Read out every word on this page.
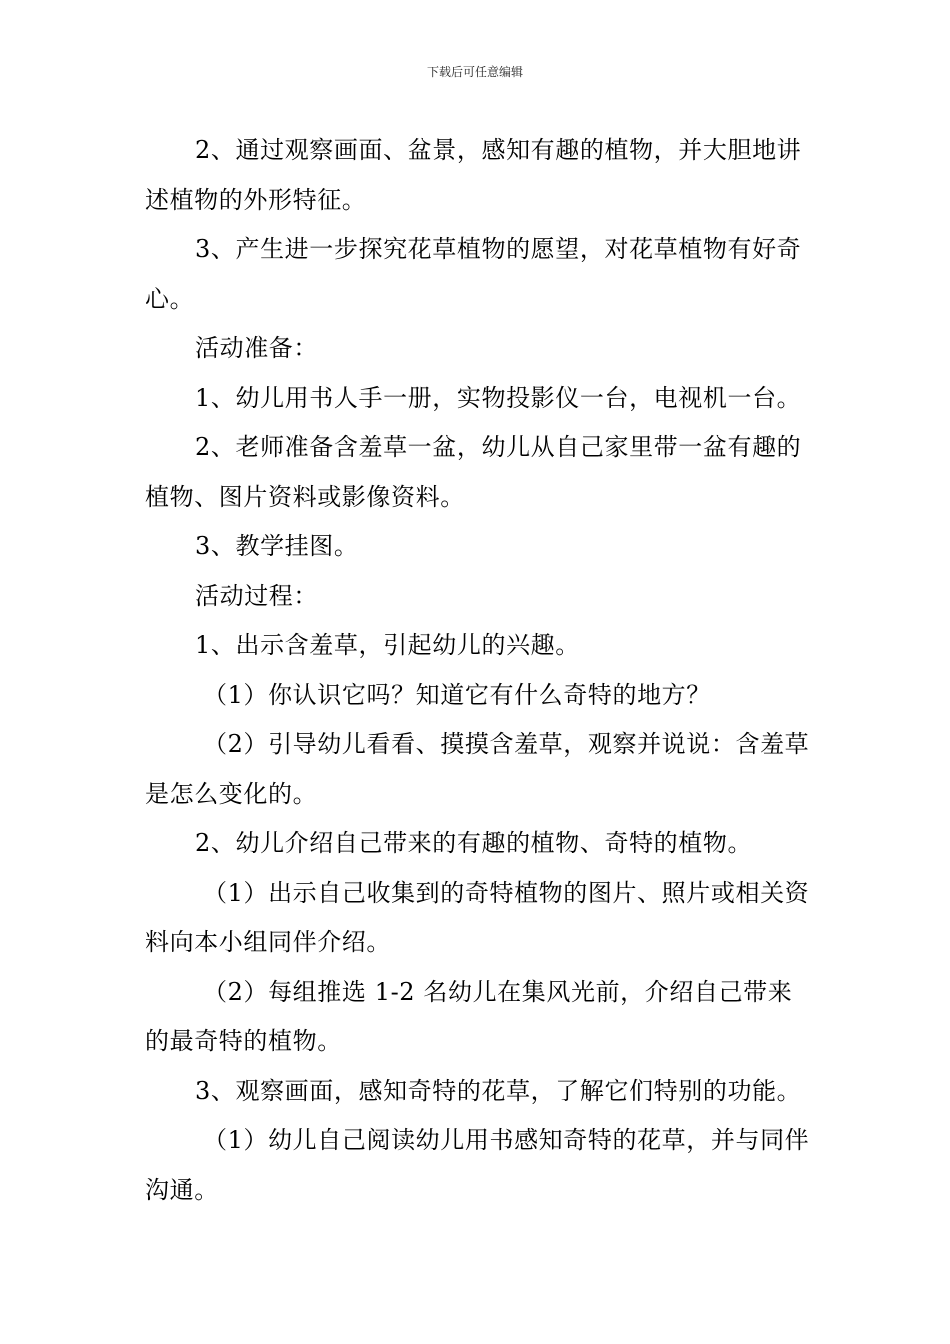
下载后可任意编辑

2、通过观察画面、盆景，感知有趣的植物，并大胆地讲述植物的外形特征。

3、产生进一步探究花草植物的愿望，对花草植物有好奇心。

活动准备：

1、幼儿用书人手一册，实物投影仪一台，电视机一台。

2、老师准备含羞草一盆，幼儿从自己家里带一盆有趣的植物、图片资料或影像资料。

3、教学挂图。

活动过程：

1、出示含羞草，引起幼儿的兴趣。

（1）你认识它吗？知道它有什么奇特的地方？

（2）引导幼儿看看、摸摸含羞草，观察并说说：含羞草是怎么变化的。

2、幼儿介绍自己带来的有趣的植物、奇特的植物。

（1）出示自己收集到的奇特植物的图片、照片或相关资料向本小组同伴介绍。

（2）每组推选 1-2 名幼儿在集风光前，介绍自己带来的最奇特的植物。

3、观察画面，感知奇特的花草，了解它们特别的功能。

（1）幼儿自己阅读幼儿用书感知奇特的花草，并与同伴沟通。
